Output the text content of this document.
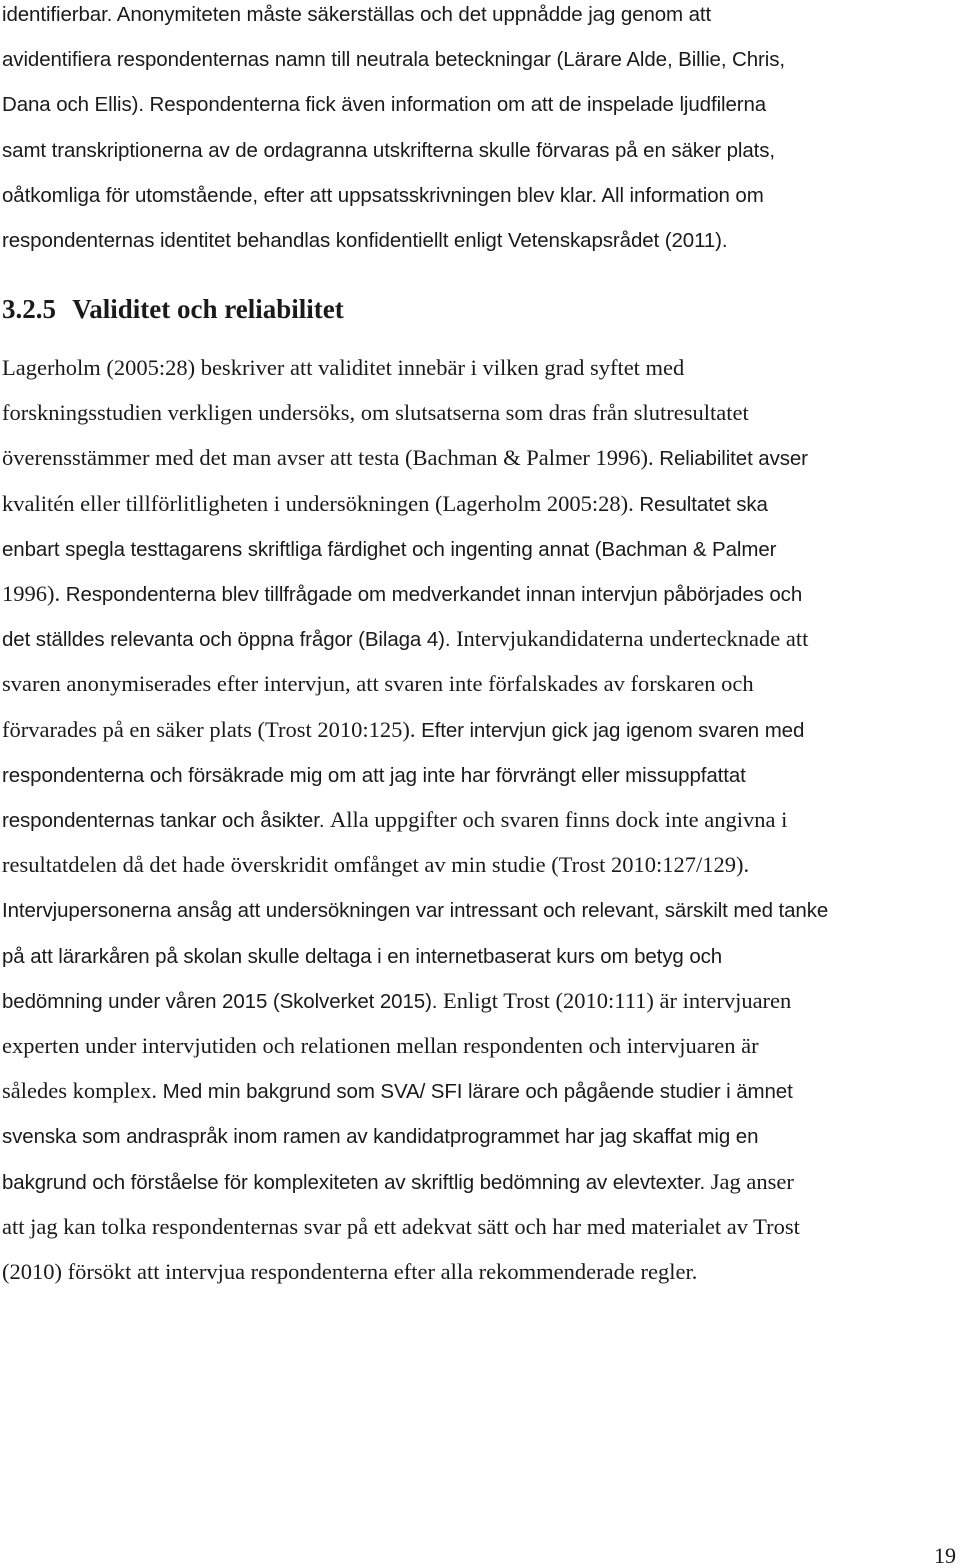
identifierbar. Anonymiteten måste säkerställas och det uppnådde jag genom att
avidentifiera respondenternas namn till neutrala beteckningar (Lärare Alde, Billie, Chris,
Dana och Ellis). Respondenterna fick även information om att de inspelade ljudfilerna
samt transkriptionerna av de ordagranna utskrifterna skulle förvaras på en säker plats,
oåtkomliga för utomstående, efter att uppsatsskrivningen blev klar. All information om
respondenternas identitet behandlas konfidentiellt enligt Vetenskapsrådet (2011).
3.2.5 Validitet och reliabilitet
Lagerholm (2005:28) beskriver att validitet innebär i vilken grad syftet med
forskningsstudien verkligen undersöks, om slutsatserna som dras från slutresultatet
överensstämmer med det man avser att testa (Bachman & Palmer 1996). Reliabilitet avser
kvalitén eller tillförlitligheten i undersökningen (Lagerholm 2005:28). Resultatet ska
enbart spegla testtagarens skriftliga färdighet och ingenting annat (Bachman & Palmer
1996). Respondenterna blev tillfrågade om medverkandet innan intervjun påbörjades och
det ställdes relevanta och öppna frågor (Bilaga 4). Intervjukandidaterna undertecknade att
svaren anonymiserades efter intervjun, att svaren inte förfalskades av forskaren och
förvarades på en säker plats (Trost 2010:125). Efter intervjun gick jag igenom svaren med
respondenterna och försäkrade mig om att jag inte har förvrängt eller missuppfattat
respondenternas tankar och åsikter. Alla uppgifter och svaren finns dock inte angivna i
resultatdelen då det hade överskridit omfånget av min studie (Trost 2010:127/129).
Intervjupersonerna ansåg att undersökningen var intressant och relevant, särskilt med tanke
på att lärarkåren på skolan skulle deltaga i en internetbaserat kurs om betyg och
bedömning under våren 2015 (Skolverket 2015). Enligt Trost (2010:111) är intervjuaren
experten under intervjutiden och relationen mellan respondenten och intervjuaren är
således komplex. Med min bakgrund som SVA/ SFI lärare och pågående studier i ämnet
svenska som andraspråk inom ramen av kandidatprogrammet har jag skaffat mig en
bakgrund och förståelse för komplexiteten av skriftlig bedömning av elevtexter. Jag anser
att jag kan tolka respondenternas svar på ett adekvat sätt och har med materialet av Trost
(2010) försökt att intervjua respondenterna efter alla rekommenderade regler.
19
